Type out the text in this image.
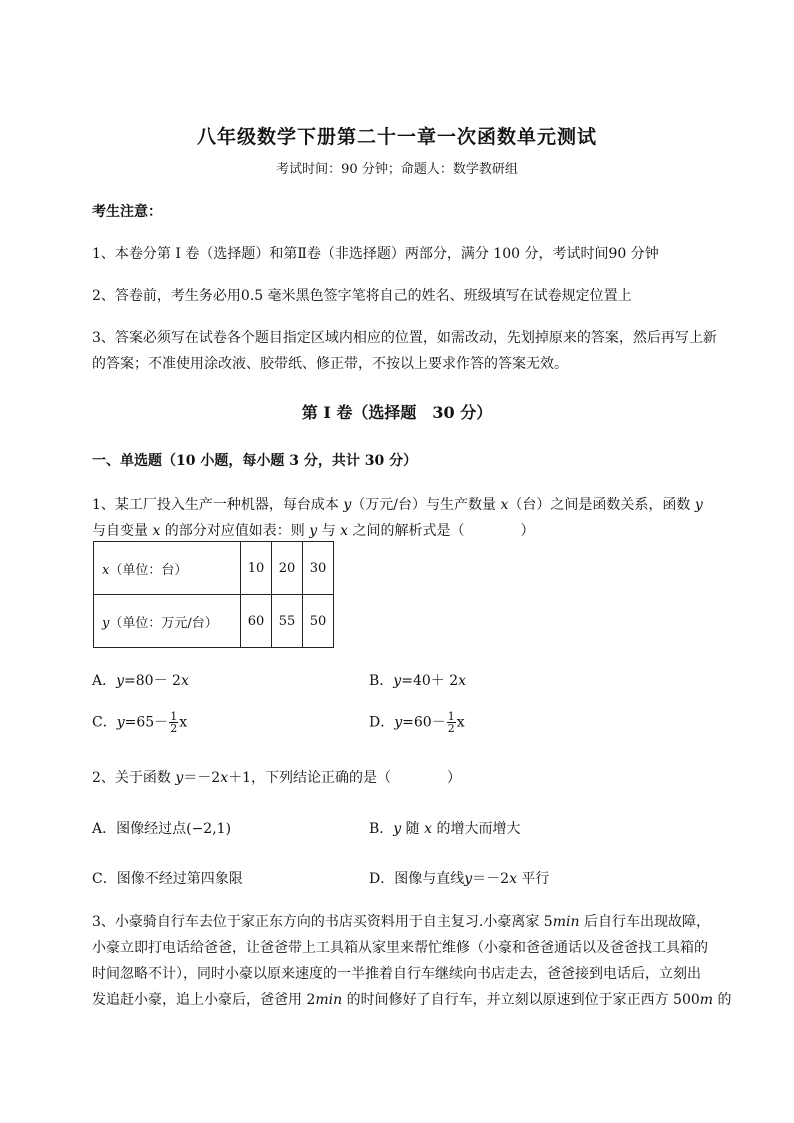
八年级数学下册第二十一章一次函数单元测试
考试时间：90 分钟；命题人：数学教研组
考生注意：
1、本卷分第 I 卷（选择题）和第Ⅱ卷（非选择题）两部分，满分 100 分，考试时间90 分钟
2、答卷前，考生务必用0.5 毫米黑色签字笔将自己的姓名、班级填写在试卷规定位置上
3、答案必须写在试卷各个题目指定区域内相应的位置，如需改动，先划掉原来的答案，然后再写上新
的答案；不准使用涂改液、胶带纸、修正带，不按以上要求作答的答案无效。
第 I 卷（选择题　30 分）
一、单选题（10 小题，每小题 3 分，共计 30 分）
1、某工厂投入生产一种机器，每台成本 y（万元/台）与生产数量 x（台）之间是函数关系，函数 y
与自变量 x 的部分对应值如表：则 y 与 x 之间的解析式是（　　　　）
x（单位：台）	10	20	30
y（单位：万元/台）	60	55	50
A．y=80－ 2x	B．y=40＋ 2x
C．$y=65- \frac{1}{2}$ x	D．$y=60- \frac{1}{2}$ x
2、关于函数 y＝－2x＋1，下列结论正确的是（　　　　）
A．图像经过点(−2,1)	B．y 随 x 的增大而增大
C．图像不经过第四象限	D．图像与直线y＝－2x 平行
3、小豪骑自行车去位于家正东方向的书店买资料用于自主复习.小豪离家 5min 后自行车出现故障，
小豪立即打电话给爸爸，让爸爸带上工具箱从家里来帮忙维修（小豪和爸爸通话以及爸爸找工具箱的
时间忽略不计），同时小豪以原来速度的一半推着自行车继续向书店走去，爸爸接到电话后，立刻出
发追赶小豪，追上小豪后，爸爸用 2min 的时间修好了自行车，并立刻以原速到位于家正西方 500m 的
